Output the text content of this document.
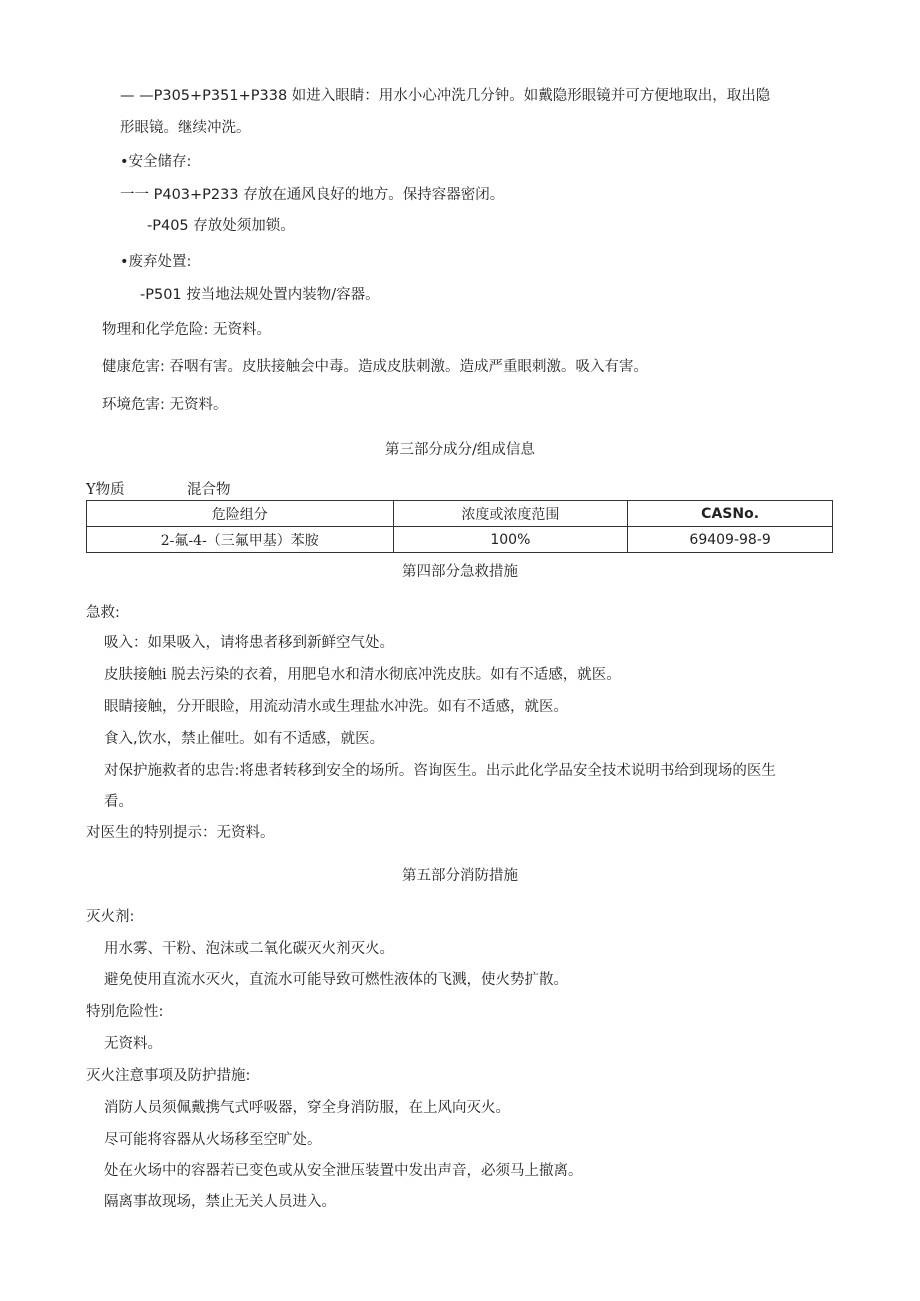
— —P305+P351+P338 如进入眼睛：用水小心冲洗几分钟。如戴隐形眼镜并可方便地取出，取出隐
形眼镜。继续冲洗。
•安全储存:
一一 P403+P233 存放在通风良好的地方。保持容器密闭。
-P405 存放处须加锁。
•废弃处置:
-P501 按当地法规处置内装物/容器。
物理和化学危险: 无资料。
健康危害: 吞咽有害。皮肤接触会中毒。造成皮肤刺激。造成严重眼刺激。吸入有害。
环境危害: 无资料。
第三部分成分/组成信息
Y物质	混合物
危险组分	浓度或浓度范围	CASNo.
2-氟-4-（三氟甲基）苯胺	100%	69409-98-9
第四部分急救措施
急救:
吸入：如果吸入，请将患者移到新鲜空气处。
皮肤接触i 脱去污染的衣着，用肥皂水和清水彻底冲洗皮肤。如有不适感，就医。
眼睛接触，分开眼睑，用流动清水或生理盐水冲洗。如有不适感，就医。
食入,饮水，禁止催吐。如有不适感，就医。
对保护施救者的忠告:将患者转移到安全的场所。咨询医生。出示此化学品安全技术说明书给到现场的医生
看。
对医生的特别提示：无资料。
第五部分消防措施
灭火剂:
用水雾、干粉、泡沫或二氧化碳灭火剂灭火。
避免使用直流水灭火，直流水可能导致可燃性液体的飞溅，使火势扩散。
特别危险性:
无资料。
灭火注意事项及防护措施:
消防人员须佩戴携气式呼吸器，穿全身消防服，在上风向灭火。
尽可能将容器从火场移至空旷处。
处在火场中的容器若已变色或从安全泄压装置中发出声音，必须马上撤离。
隔离事故现场，禁止无关人员进入。
